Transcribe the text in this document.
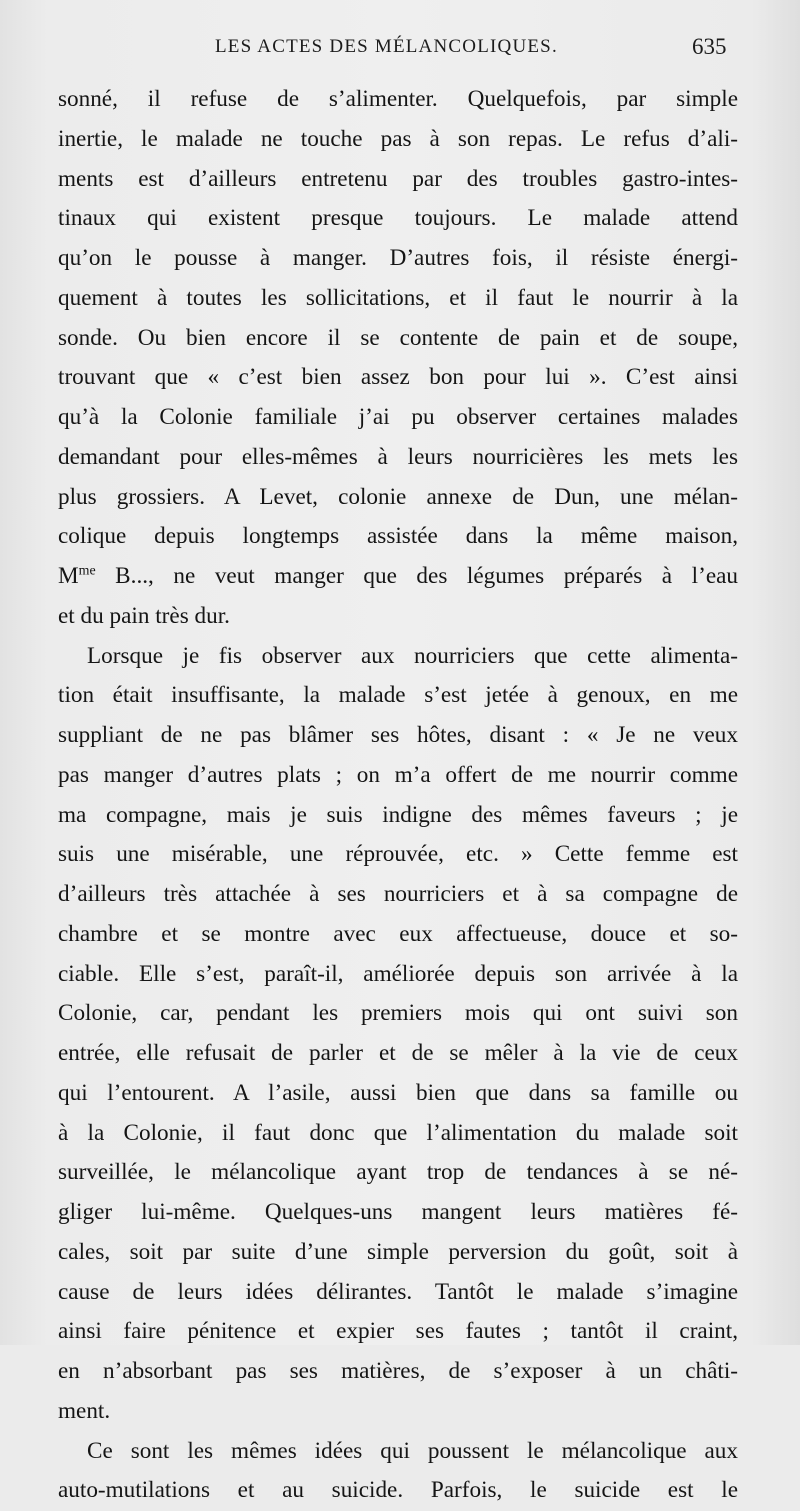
LES ACTES DES MÉLANCOLIQUES.	635
sonné, il refuse de s’alimenter. Quelquefois, par simple
inertie, le malade ne touche pas à son repas. Le refus d’ali-
ments est d’ailleurs entretenu par des troubles gastro-intes-
tinaux qui existent presque toujours. Le malade attend
qu’on le pousse à manger. D’autres fois, il résiste énergi-
quement à toutes les sollicitations, et il faut le nourrir à la
sonde. Ou bien encore il se contente de pain et de soupe,
trouvant que « c’est bien assez bon pour lui ». C’est ainsi
qu’à la Colonie familiale j’ai pu observer certaines malades
demandant pour elles-mêmes à leurs nourricières les mets les
plus grossiers. A Levet, colonie annexe de Dun, une mélan-
colique depuis longtemps assistée dans la même maison,
$M^{me}$ B..., ne veut manger que des légumes préparés à l’eau
et du pain très dur.
Lorsque je fis observer aux nourriciers que cette alimenta-
tion était insuffisante, la malade s’est jetée à genoux, en me
suppliant de ne pas blâmer ses hôtes, disant : « Je ne veux
pas manger d’autres plats ; on m’a offert de me nourrir comme
ma compagne, mais je suis indigne des mêmes faveurs ; je
suis une misérable, une réprouvée, etc. » Cette femme est
d’ailleurs très attachée à ses nourriciers et à sa compagne de
chambre et se montre avec eux affectueuse, douce et so-
ciable. Elle s’est, paraît-il, améliorée depuis son arrivée à la
Colonie, car, pendant les premiers mois qui ont suivi son
entrée, elle refusait de parler et de se mêler à la vie de ceux
qui l’entourent. A l’asile, aussi bien que dans sa famille ou
à la Colonie, il faut donc que l’alimentation du malade soit
surveillée, le mélancolique ayant trop de tendances à se né-
gliger lui-même. Quelques-uns mangent leurs matières fé-
cales, soit par suite d’une simple perversion du goût, soit à
cause de leurs idées délirantes. Tantôt le malade s’imagine
ainsi faire pénitence et expier ses fautes ; tantôt il craint,
en n’absorbant pas ses matières, de s’exposer à un châti-
ment.
Ce sont les mêmes idées qui poussent le mélancolique aux
auto-mutilations et au suicide. Parfois, le suicide est le
